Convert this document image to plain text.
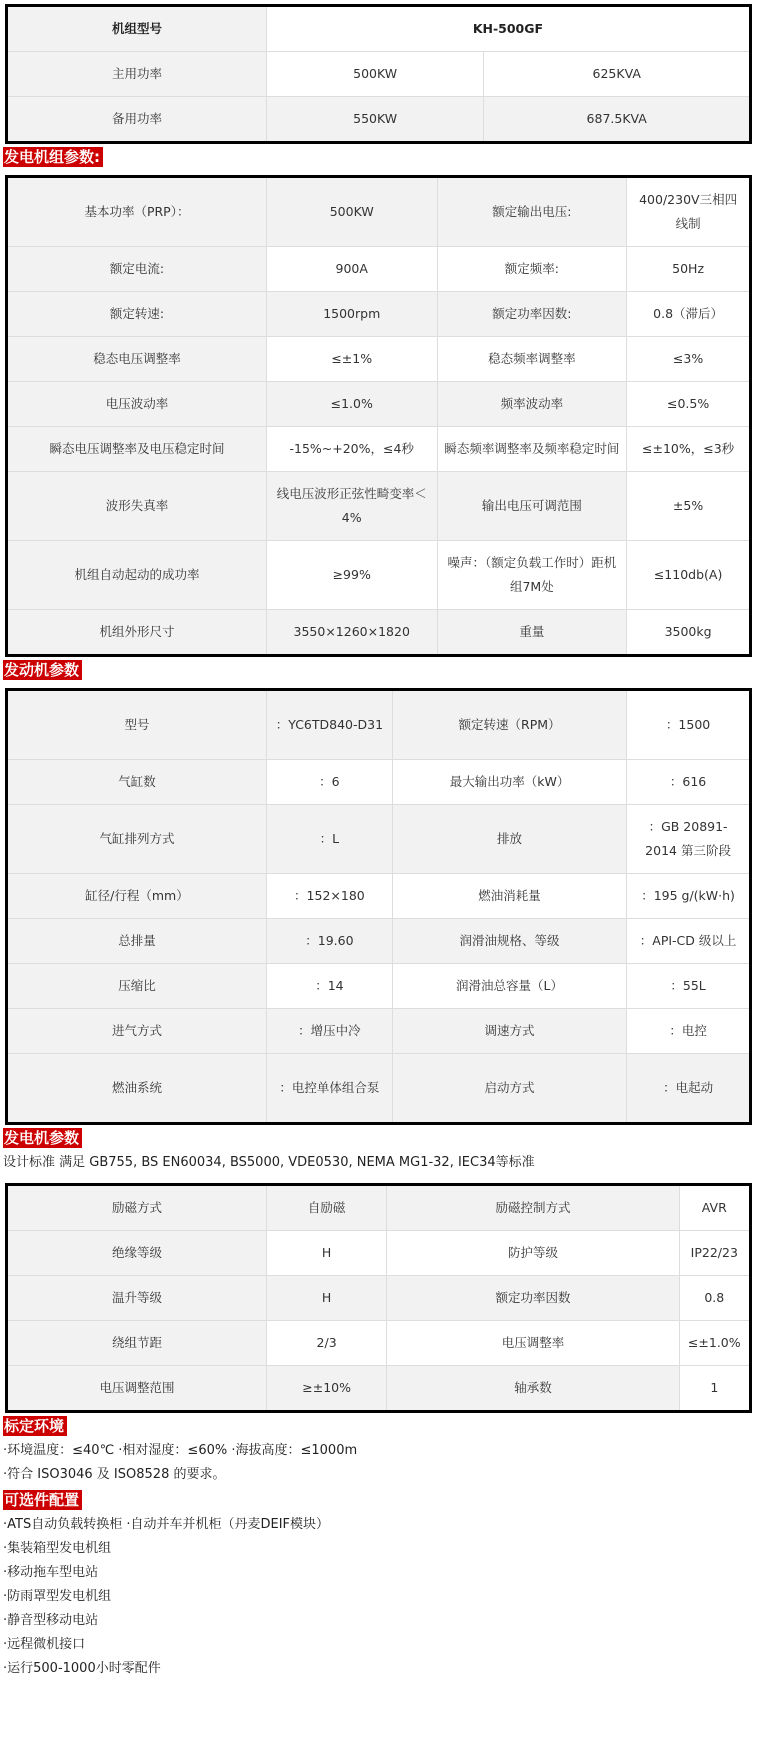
机组型号	KH-500GF	
主用功率	500KW	625KVA
备用功率	550KW	687.5KVA
发电机组参数:
基本功率（PRP）：	500KW	额定输出电压:	400/230V三相四线制
额定电流:	900A	额定频率:	50Hz
额定转速:	1500rpm	额定功率因数:	0.8（滞后）
稳态电压调整率	≤±1%	稳态频率调整率	≤3%
电压波动率	≤1.0%	频率波动率	≤0.5%
瞬态电压调整率及电压稳定时间	-15%~+20%，≤4秒	瞬态频率调整率及频率稳定时间	≤±10%，≤3秒
波形失真率	线电压波形正弦性畸变率＜4%	输出电压可调范围	±5%
机组自动起动的成功率	≥99%	噪声：（额定负载工作时）距机组7M处	≤110db(A)
机组外形尺寸	3550×1260×1820	重量	3500kg
发动机参数
型号	：YC6TD840-D31	额定转速（RPM）	：1500
气缸数	：6	最大输出功率（kW）	：616
气缸排列方式	：L	排放	：GB 20891-2014 第三阶段
缸径/行程（mm）	：152×180	燃油消耗量	：195 g/(kW·h)
总排量	：19.60	润滑油规格、等级	：API-CD 级以上
压缩比	：14	润滑油总容量（L）	：55L
进气方式	：增压中冷	调速方式	：电控
燃油系统	：电控单体组合泵	启动方式	：电起动
发电机参数
设计标准 满足 GB755, BS EN60034, BS5000, VDE0530, NEMA MG1-32, IEC34等标准
励磁方式	自励磁	励磁控制方式	AVR
绝缘等级	H	防护等级	IP22/23
温升等级	H	额定功率因数	0.8
绕组节距	2/3	电压调整率	≤±1.0%
电压调整范围	≥±10%	轴承数	1
标定环境
·环境温度：≤40℃ ·相对湿度：≤60% ·海拔高度：≤1000m
·符合 ISO3046 及 ISO8528 的要求。
可选件配置
·ATS自动负载转换柜 ·自动并车并机柜（丹麦DEIF模块）
·集装箱型发电机组
·移动拖车型电站
·防雨罩型发电机组
·静音型移动电站
·远程微机接口
·运行500-1000小时零配件
